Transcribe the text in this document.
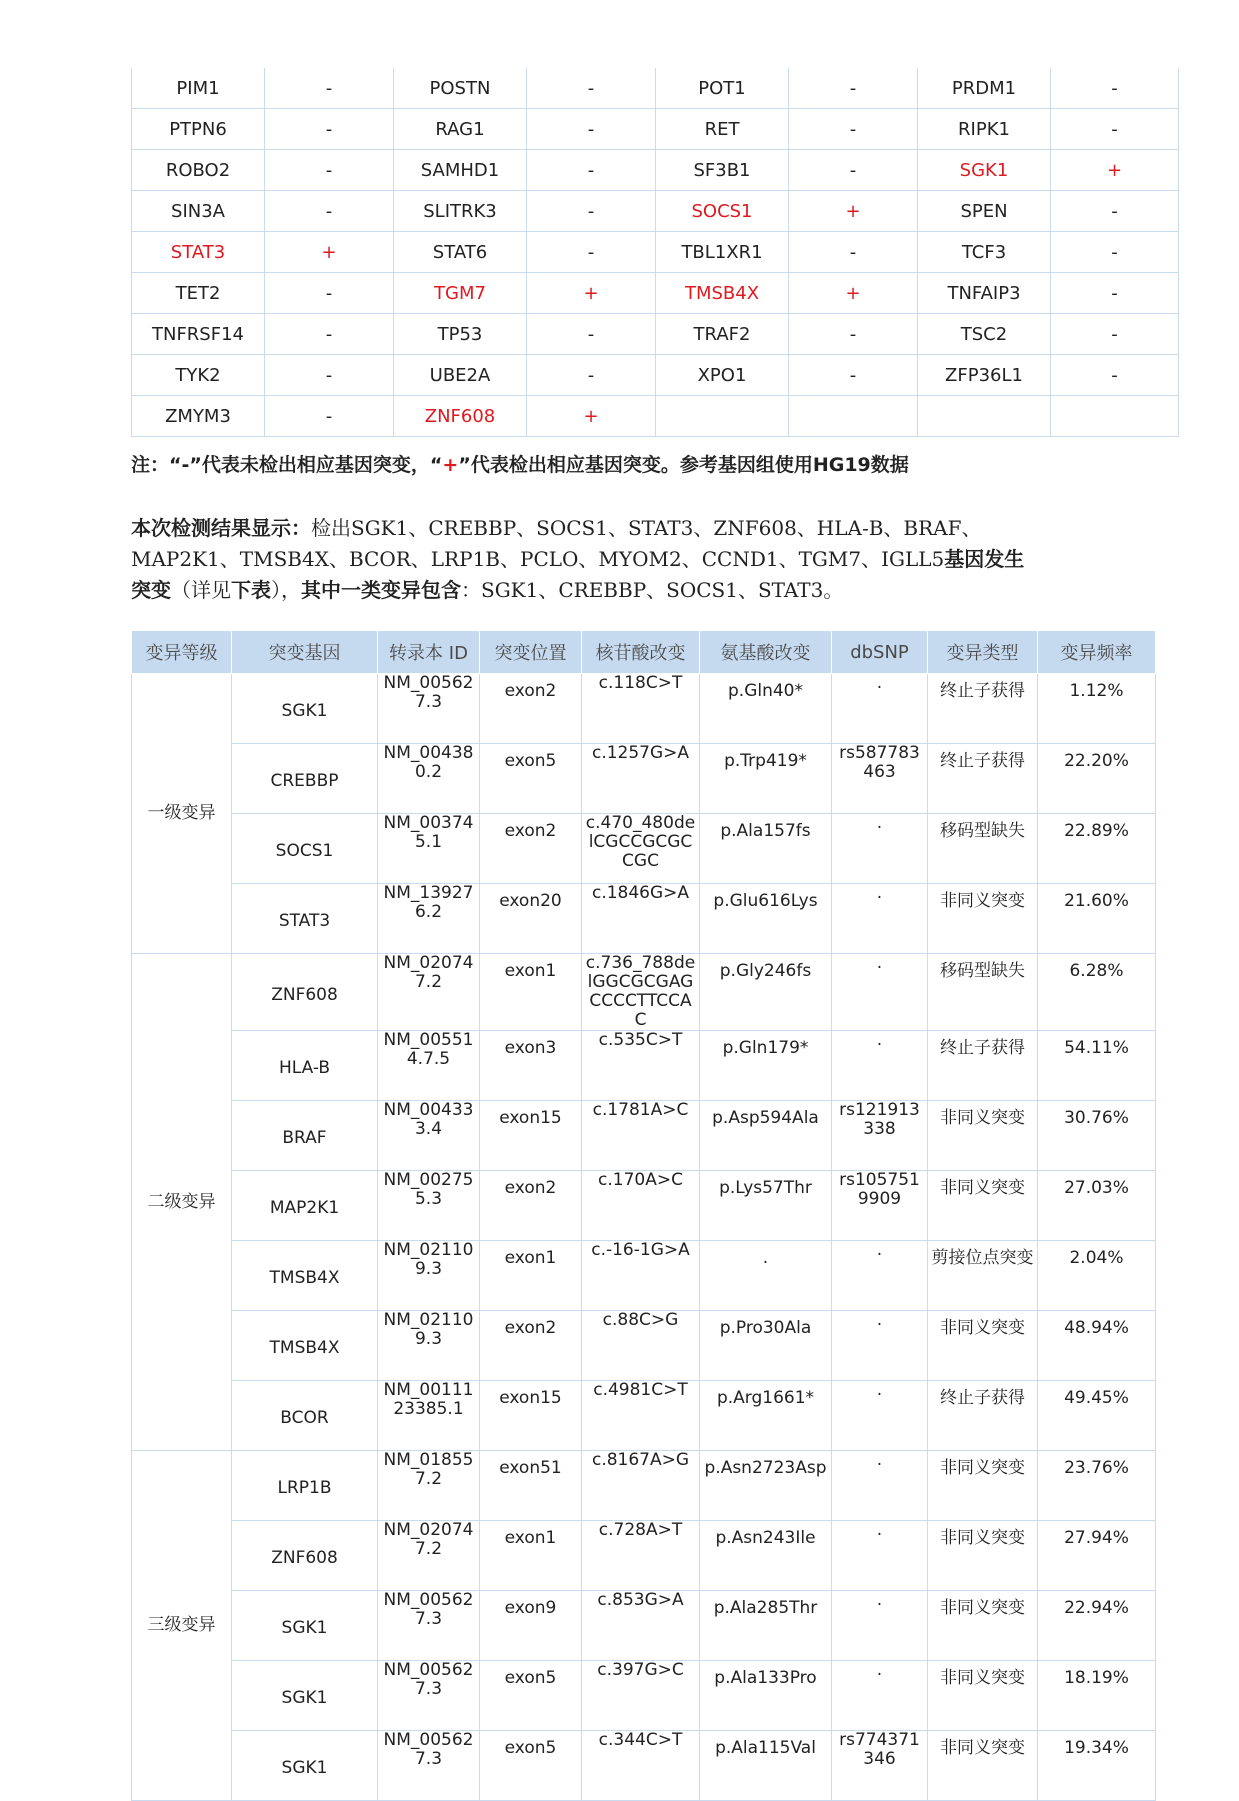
PIM1	-	POSTN	-	POT1	-	PRDM1	-
PTPN6	-	RAG1	-	RET	-	RIPK1	-
ROBO2	-	SAMHD1	-	SF3B1	-	SGK1	+
SIN3A	-	SLITRK3	-	SOCS1	+	SPEN	-
STAT3	+	STAT6	-	TBL1XR1	-	TCF3	-
TET2	-	TGM7	+	TMSB4X	+	TNFAIP3	-
TNFRSF14	-	TP53	-	TRAF2	-	TSC2	-
TYK2	-	UBE2A	-	XPO1	-	ZFP36L1	-
ZMYM3	-	ZNF608	+				
注：“-”代表未检出相应基因突变，“+”代表检出相应基因突变。参考基因组使用HG19数据
本次检测结果显示：检出SGK1、CREBBP、SOCS1、STAT3、ZNF608、HLA-B、BRAF、MAP2K1、TMSB4X、BCOR、LRP1B、PCLO、MYOM2、CCND1、TGM7、IGLL5基因发生突变（详见下表），其中一类变异包含：SGK1、CREBBP、SOCS1、STAT3。
变异等级	突变基因	转录本 ID	突变位置	核苷酸改变	氨基酸改变	dbSNP	变异类型	变异频率
一级变异	SGK1	NM_005627.3	exon2	c.118C>T	p.Gln40*	.	终止子获得	1.12%
	CREBBP	NM_004380.2	exon5	c.1257G>A	p.Trp419*	rs587783463	终止子获得	22.20%
	SOCS1	NM_003745.1	exon2	c.470_480delCGCCGCGCCGC	p.Ala157fs	.	移码型缺失	22.89%
	STAT3	NM_139276.2	exon20	c.1846G>A	p.Glu616Lys	.	非同义突变	21.60%
二级变异	ZNF608	NM_020747.2	exon1	c.736_788delGGCGCGAGCCCCTTCCAC	p.Gly246fs	.	移码型缺失	6.28%
	HLA-B	NM_005514.7.5	exon3	c.535C>T	p.Gln179*	.	终止子获得	54.11%
	BRAF	NM_004333.4	exon15	c.1781A>C	p.Asp594Ala	rs121913338	非同义突变	30.76%
	MAP2K1	NM_002755.3	exon2	c.170A>C	p.Lys57Thr	rs1057519909	非同义突变	27.03%
	TMSB4X	NM_021109.3	exon1	c.-16-1G>A	.	.	剪接位点突变	2.04%
	TMSB4X	NM_021109.3	exon2	c.88C>G	p.Pro30Ala	.	非同义突变	48.94%
	BCOR	NM_0011123385.1	exon15	c.4981C>T	p.Arg1661*	.	终止子获得	49.45%
三级变异	LRP1B	NM_018557.2	exon51	c.8167A>G	p.Asn2723Asp	.	非同义突变	23.76%
	ZNF608	NM_020747.2	exon1	c.728A>T	p.Asn243Ile	.	非同义突变	27.94%
	SGK1	NM_005627.3	exon9	c.853G>A	p.Ala285Thr	.	非同义突变	22.94%
	SGK1	NM_005627.3	exon5	c.397G>C	p.Ala133Pro	.	非同义突变	18.19%
	SGK1	NM_005627.3	exon5	c.344C>T	p.Ala115Val	rs774371346	非同义突变	19.34%
